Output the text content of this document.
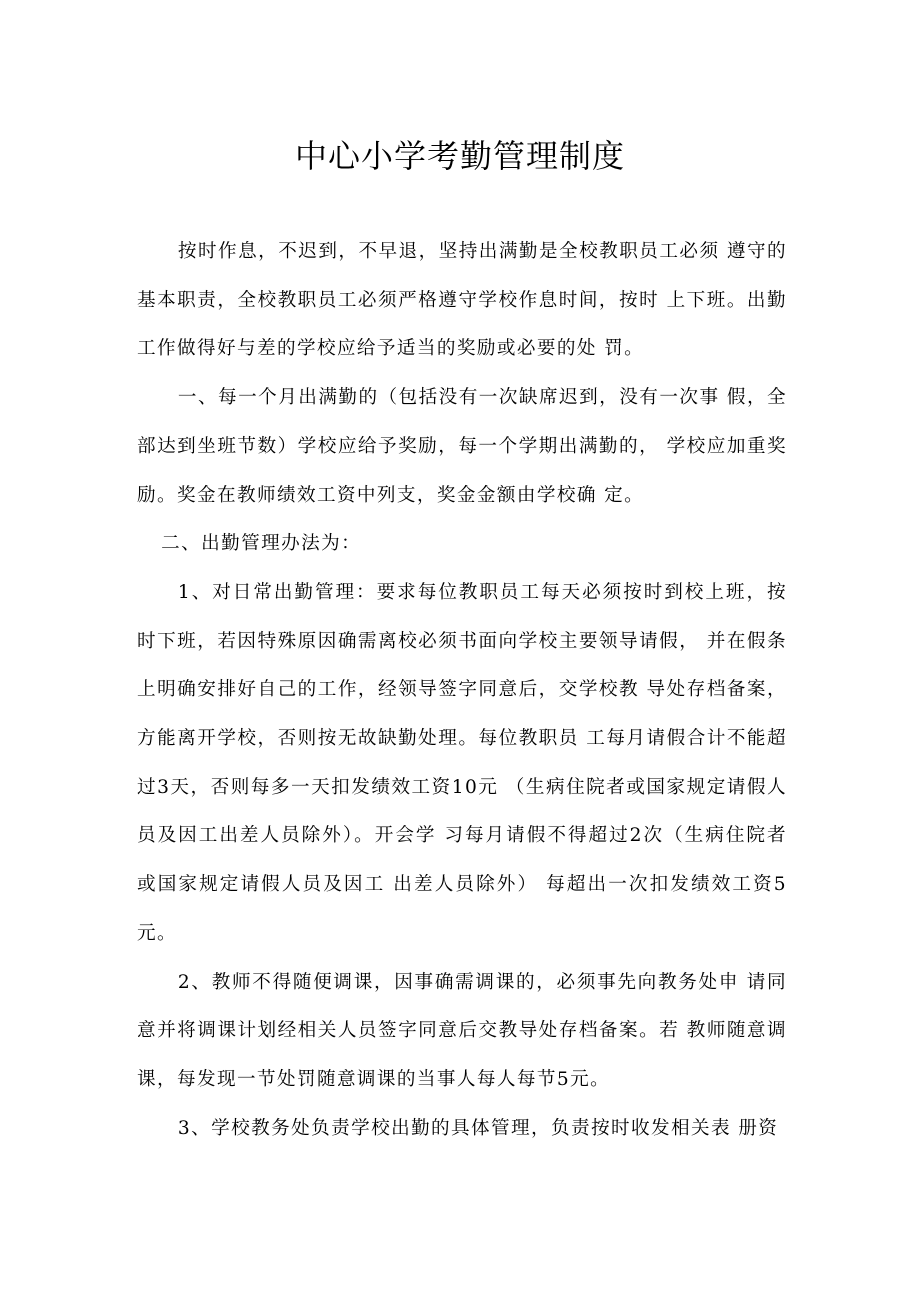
中心小学考勤管理制度

按时作息，不迟到，不早退，坚持出满勤是全校教职员工必须 遵守的基本职责，全校教职员工必须严格遵守学校作息时间，按时 上下班。出勤工作做得好与差的学校应给予适当的奖励或必要的处 罚。

一、每一个月出满勤的（包括没有一次缺席迟到，没有一次事 假，全部达到坐班节数）学校应给予奖励，每一个学期出满勤的， 学校应加重奖励。奖金在教师绩效工资中列支，奖金金额由学校确 定。

二、出勤管理办法为：

1、对日常出勤管理：要求每位教职员工每天必须按时到校上班，按时下班，若因特殊原因确需离校必须书面向学校主要领导请假， 并在假条上明确安排好自己的工作，经领导签字同意后，交学校教 导处存档备案，方能离开学校，否则按无故缺勤处理。每位教职员 工每月请假合计不能超过3天，否则每多一天扣发绩效工资10元 （生病住院者或国家规定请假人员及因工出差人员除外）。开会学 习每月请假不得超过2次（生病住院者或国家规定请假人员及因工 出差人员除外） 每超出一次扣发绩效工资5元。

2、教师不得随便调课，因事确需调课的，必须事先向教务处申 请同意并将调课计划经相关人员签字同意后交教导处存档备案。若 教师随意调课，每发现一节处罚随意调课的当事人每人每节5元。

3、学校教务处负责学校出勤的具体管理，负责按时收发相关表 册资
